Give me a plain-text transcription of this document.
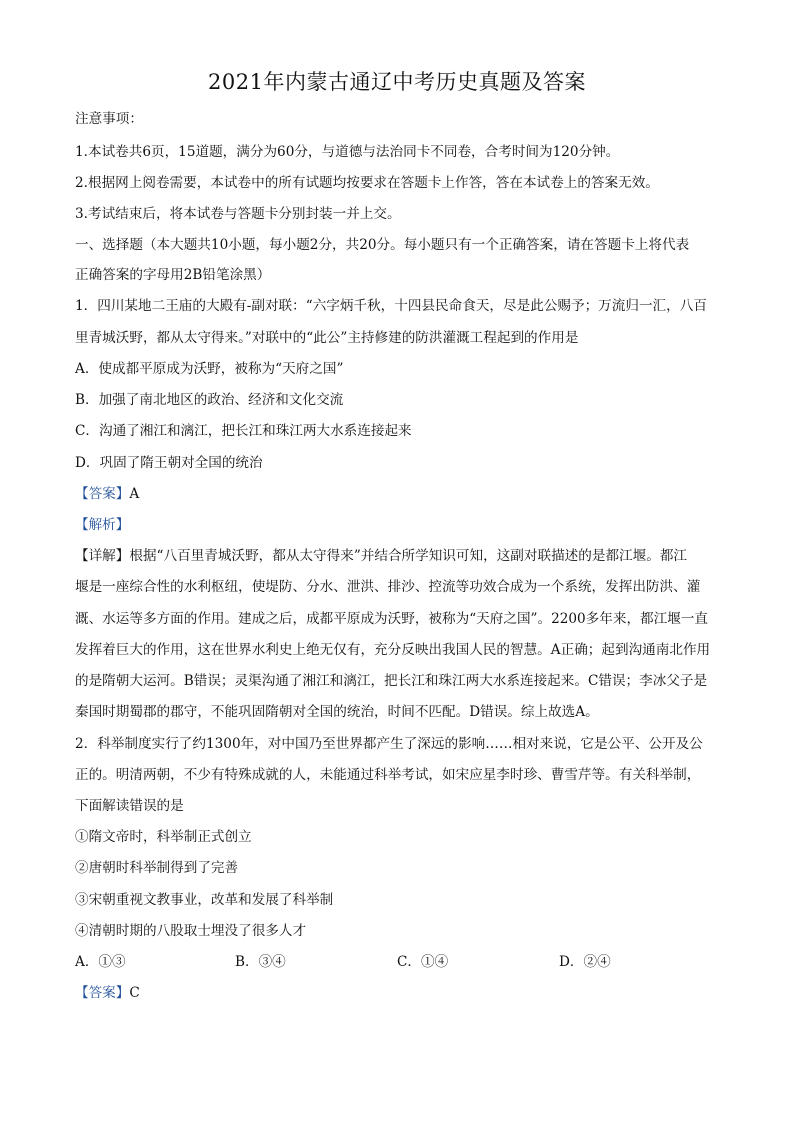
2021年内蒙古通辽中考历史真题及答案
注意事项：
1.本试卷共6页，15道题，满分为60分，与道德与法治同卡不同卷，合考时间为120分钟。
2.根据网上阅卷需要，本试卷中的所有试题均按要求在答题卡上作答，答在本试卷上的答案无效。
3.考试结束后，将本试卷与答题卡分别封装一并上交。
一、选择题（本大题共10小题，每小题2分，共20分。每小题只有一个正确答案，请在答题卡上将代表
正确答案的字母用2B铅笔涂黑）
1．四川某地二王庙的大殿有-副对联：“六字炳千秋，十四县民命食天，尽是此公赐予；万流归一汇，八百
里青城沃野，都从太守得来。”对联中的“此公”主持修建的防洪灌溉工程起到的作用是
A．使成都平原成为沃野，被称为“天府之国”
B．加强了南北地区的政治、经济和文化交流
C．沟通了湘江和漓江，把长江和珠江两大水系连接起来
D．巩固了隋王朝对全国的统治
【答案】A
【解析】
【详解】根据“八百里青城沃野，都从太守得来”并结合所学知识可知，这副对联描述的是都江堰。都江
堰是一座综合性的水利枢纽，使堤防、分水、泄洪、排沙、控流等功效合成为一个系统，发挥出防洪、灌
溉、水运等多方面的作用。建成之后，成都平原成为沃野，被称为“天府之国”。2200多年来，都江堰一直
发挥着巨大的作用，这在世界水利史上绝无仅有，充分反映出我国人民的智慧。A正确；起到沟通南北作用
的是隋朝大运河。B错误；灵渠沟通了湘江和漓江，把长江和珠江两大水系连接起来。C错误；李冰父子是
秦国时期蜀郡的郡守，不能巩固隋朝对全国的统治，时间不匹配。D错误。综上故选A。
2．科举制度实行了约1300年，对中国乃至世界都产生了深远的影响……相对来说，它是公平、公开及公
正的。明清两朝，不少有特殊成就的人，未能通过科举考试，如宋应星李时珍、曹雪芹等。有关科举制，
下面解读错误的是
①隋文帝时，科举制正式创立
②唐朝时科举制得到了完善
③宋朝重视文教事业，改革和发展了科举制
④清朝时期的八股取士埋没了很多人才
A．①③	B．③④	C．①④	D．②④
【答案】C
